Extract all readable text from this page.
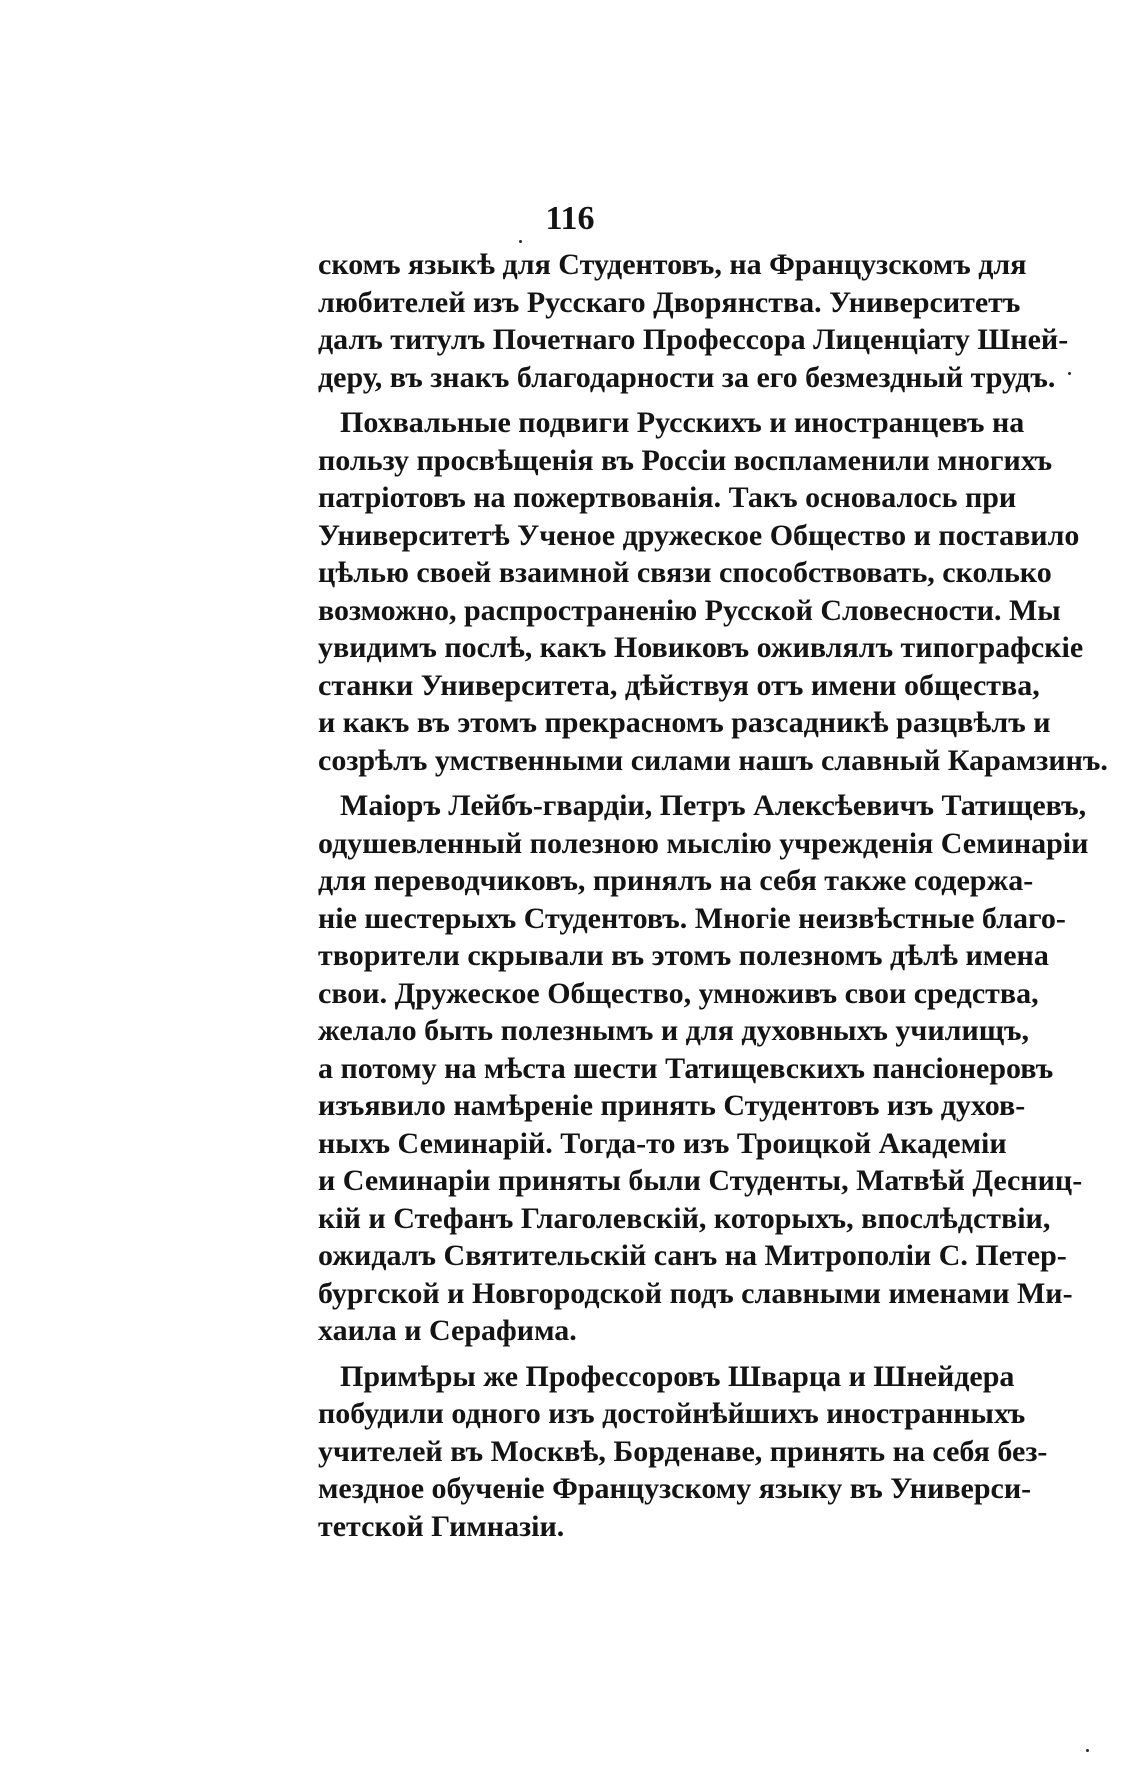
116
скомъ языкѣ для Студентовъ, на Французскомъ для
любителей изъ Русскаго Дворянства. Университетъ
далъ титулъ Почетнаго Профессора Лиценціату Шней-
деру, въ знакъ благодарности за его безмездный трудъ.
Похвальные подвиги Русскихъ и иностранцевъ на
пользу просвѣщенія въ Россіи воспламенили многихъ
патріотовъ на пожертвованія. Такъ основалось при
Университетѣ Ученое дружеское Общество и поставило
цѣлью своей взаимной связи способствовать, сколько
возможно, распространенію Русской Словесности. Мы
увидимъ послѣ, какъ Новиковъ оживлялъ типографскіе
станки Университета, дѣйствуя отъ имени общества,
и какъ въ этомъ прекрасномъ разсадникѣ разцвѣлъ и
созрѣлъ умственными силами нашъ славный Карамзинъ.
Маіоръ Лейбъ-гвардіи, Петръ Алексѣевичъ Татищевъ,
одушевленный полезною мыслію учрежденія Семинаріи
для переводчиковъ, принялъ на себя также содержа-
ніе шестерыхъ Студентовъ. Многіе неизвѣстные благо-
творители скрывали въ этомъ полезномъ дѣлѣ имена
свои. Дружеское Общество, умноживъ свои средства,
желало быть полезнымъ и для духовныхъ училищъ,
а потому на мѣста шести Татищевскихъ пансіонеровъ
изъявило намѣреніе принять Студентовъ изъ духов-
ныхъ Семинарій. Тогда-то изъ Троицкой Академіи
и Семинаріи приняты были Студенты, Матвѣй Десниц-
кій и Стефанъ Глаголевскій, которыхъ, впослѣдствіи,
ожидалъ Святительскій санъ на Митрополіи С. Петер-
бургской и Новгородской подъ славными именами Ми-
хаила и Серафима.
Примѣры же Профессоровъ Шварца и Шнейдера
побудили одного изъ достойнѣйшихъ иностранныхъ
учителей въ Москвѣ, Борденаве, принять на себя без-
мездное обученіе Французскому языку въ Универси-
тетской Гимназіи.
